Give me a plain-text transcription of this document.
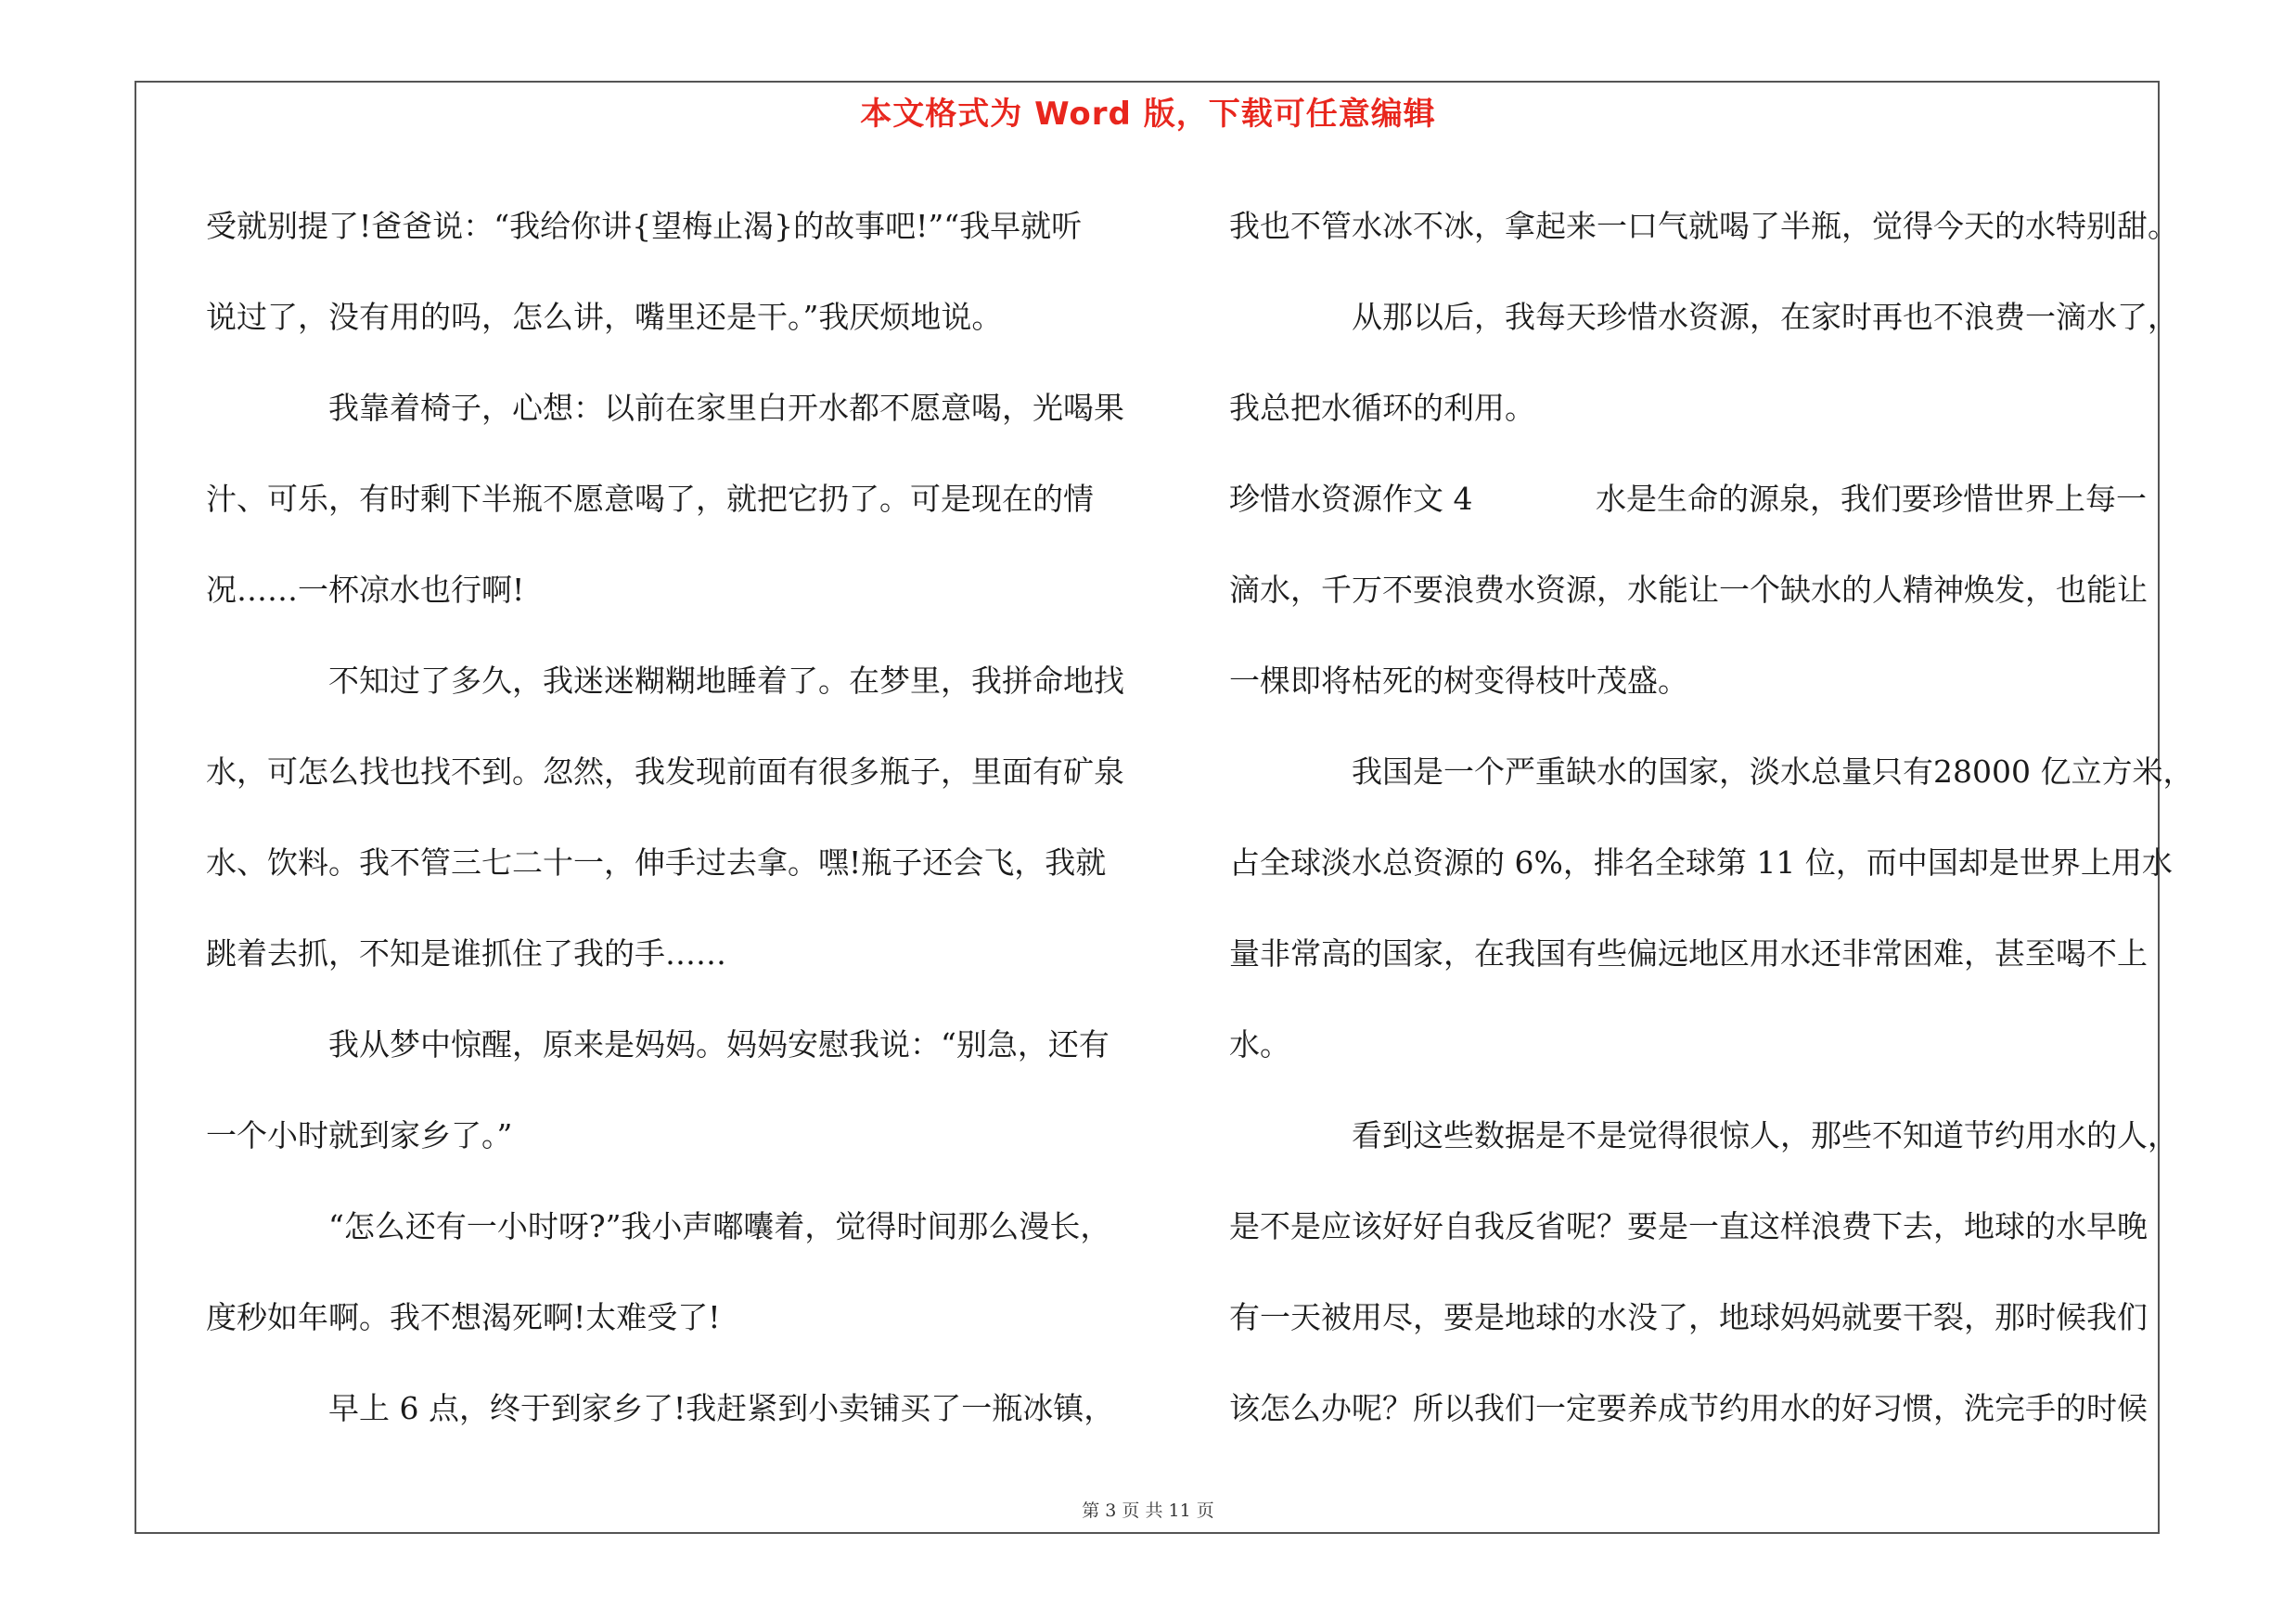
本文格式为 Word 版，下载可任意编辑
受就别提了!爸爸说：“我给你讲{望梅止渴}的故事吧!”“我早就听
说过了，没有用的吗，怎么讲，嘴里还是干。”我厌烦地说。
我靠着椅子，心想：以前在家里白开水都不愿意喝，光喝果
汁、可乐，有时剩下半瓶不愿意喝了，就把它扔了。可是现在的情
况……一杯凉水也行啊!
不知过了多久，我迷迷糊糊地睡着了。在梦里，我拼命地找
水，可怎么找也找不到。忽然，我发现前面有很多瓶子，里面有矿泉
水、饮料。我不管三七二十一，伸手过去拿。嘿!瓶子还会飞，我就
跳着去抓，不知是谁抓住了我的手……
我从梦中惊醒，原来是妈妈。妈妈安慰我说：“别急，还有
一个小时就到家乡了。”
“怎么还有一小时呀?”我小声嘟囔着，觉得时间那么漫长，
度秒如年啊。我不想渴死啊!太难受了!
早上 6 点，终于到家乡了!我赶紧到小卖铺买了一瓶冰镇，
我也不管水冰不冰，拿起来一口气就喝了半瓶，觉得今天的水特别甜。
从那以后，我每天珍惜水资源，在家时再也不浪费一滴水了，
我总把水循环的利用。
珍惜水资源作文 4	水是生命的源泉，我们要珍惜世界上每一
滴水，千万不要浪费水资源，水能让一个缺水的人精神焕发，也能让
一棵即将枯死的树变得枝叶茂盛。
我国是一个严重缺水的国家，淡水总量只有28000 亿立方米，
占全球淡水总资源的 6%，排名全球第 11 位，而中国却是世界上用水
量非常高的国家，在我国有些偏远地区用水还非常困难，甚至喝不上
水。
看到这些数据是不是觉得很惊人，那些不知道节约用水的人，
是不是应该好好自我反省呢？要是一直这样浪费下去，地球的水早晚
有一天被用尽，要是地球的水没了，地球妈妈就要干裂，那时候我们
该怎么办呢？所以我们一定要养成节约用水的好习惯，洗完手的时候
第 3 页 共 11 页
